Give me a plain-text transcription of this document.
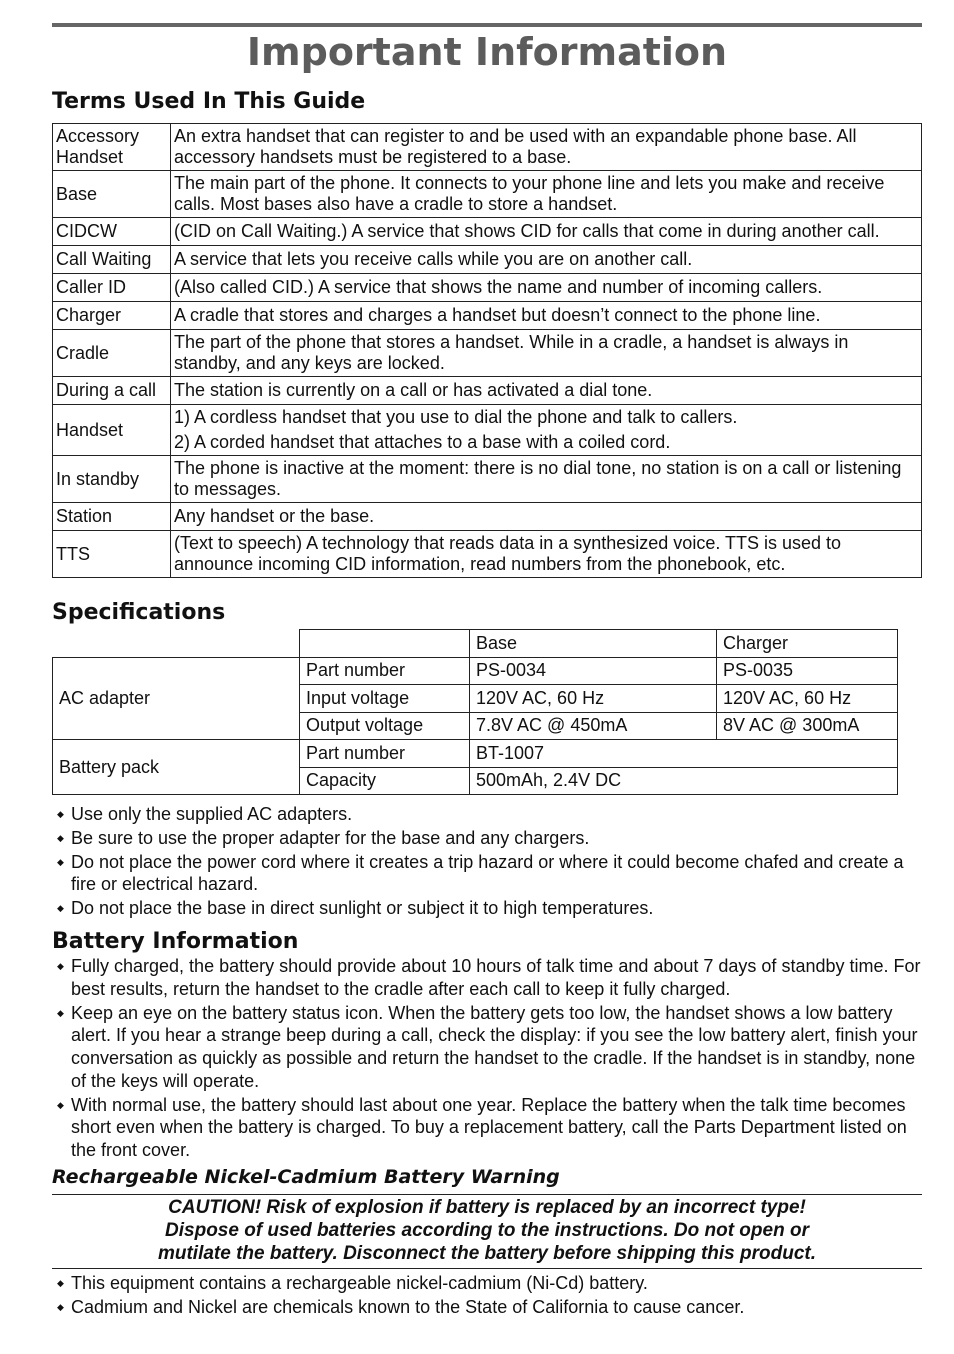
Important Information
Terms Used In This Guide
Accessory Handset	An extra handset that can register to and be used with an expandable phone base. All accessory handsets must be registered to a base.
Base	The main part of the phone. It connects to your phone line and lets you make and receive calls. Most bases also have a cradle to store a handset.
CIDCW	(CID on Call Waiting.) A service that shows CID for calls that come in during another call.
Call Waiting	A service that lets you receive calls while you are on another call.
Caller ID	(Also called CID.) A service that shows the name and number of incoming callers.
Charger	A cradle that stores and charges a handset but doesn’t connect to the phone line.
Cradle	The part of the phone that stores a handset. While in a cradle, a handset is always in standby, and any keys are locked.
During a call	The station is currently on a call or has activated a dial tone.
Handset	1) A cordless handset that you use to dial the phone and talk to callers.
2) A corded handset that attaches to a base with a coiled cord.

In standby	The phone is inactive at the moment: there is no dial tone, no station is on a call or listening to messages.
Station	Any handset or the base.
TTS	(Text to speech) A technology that reads data in a synthesized voice. TTS is used to announce incoming CID information, read numbers from the phonebook, etc.
Specifications
		Base	Charger
AC adapter	Part number	PS-0034	PS-0035
	Input voltage	120V AC, 60 Hz	120V AC, 60 Hz
	Output voltage	7.8V AC @ 450mA	8V AC @ 300mA
Battery pack	Part number	BT-1007	
	Capacity	500mAh, 2.4V DC	
◆ Use only the supplied AC adapters.
◆ Be sure to use the proper adapter for the base and any chargers.
◆ Do not place the power cord where it creates a trip hazard or where it could become chafed and create a fire or electrical hazard.
◆ Do not place the base in direct sunlight or subject it to high temperatures.
Battery Information
◆ Fully charged, the battery should provide about 10 hours of talk time and about 7 days of standby time. For best results, return the handset to the cradle after each call to keep it fully charged.
◆ Keep an eye on the battery status icon. When the battery gets too low, the handset shows a low battery alert. If you hear a strange beep during a call, check the display: if you see the low battery alert, finish your conversation as quickly as possible and return the handset to the cradle. If the handset is in standby, none of the keys will operate.
◆ With normal use, the battery should last about one year. Replace the battery when the talk time becomes short even when the battery is charged. To buy a replacement battery, call the Parts Department listed on the front cover.
Rechargeable Nickel-Cadmium Battery Warning
CAUTION! Risk of explosion if battery is replaced by an incorrect type!
Dispose of used batteries according to the instructions. Do not open or
mutilate the battery. Disconnect the battery before shipping this product.
◆ This equipment contains a rechargeable nickel-cadmium (Ni-Cd) battery.
◆ Cadmium and Nickel are chemicals known to the State of California to cause cancer.
